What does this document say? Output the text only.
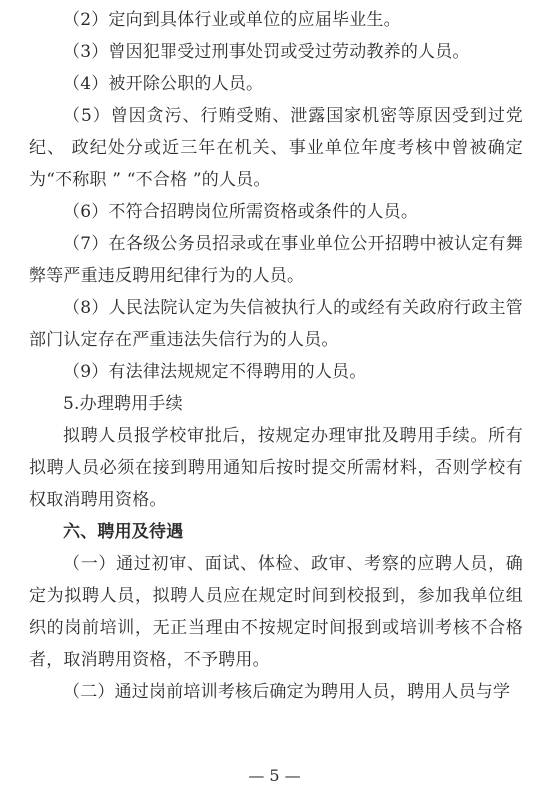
（2）定向到具体行业或单位的应届毕业生。

（3）曾因犯罪受过刑事处罚或受过劳动教养的人员。

（4）被开除公职的人员。

（5）曾因贪污、行贿受贿、泄露国家机密等原因受到过党纪、 政纪处分或近三年在机关、事业单位年度考核中曾被确定为“不称职 ” “不合格 ”的人员。

（6）不符合招聘岗位所需资格或条件的人员。

（7）在各级公务员招录或在事业单位公开招聘中被认定有舞弊等严重违反聘用纪律行为的人员。

（8）人民法院认定为失信被执行人的或经有关政府行政主管部门认定存在严重违法失信行为的人员。

（9）有法律法规规定不得聘用的人员。

5.办理聘用手续

拟聘人员报学校审批后，按规定办理审批及聘用手续。所有拟聘人员必须在接到聘用通知后按时提交所需材料，否则学校有权取消聘用资格。

六、聘用及待遇

（一）通过初审、面试、体检、政审、考察的应聘人员，确定为拟聘人员，拟聘人员应在规定时间到校报到，参加我单位组织的岗前培训，无正当理由不按规定时间报到或培训考核不合格者，取消聘用资格，不予聘用。

（二）通过岗前培训考核后确定为聘用人员，聘用人员与学

— 5 —
